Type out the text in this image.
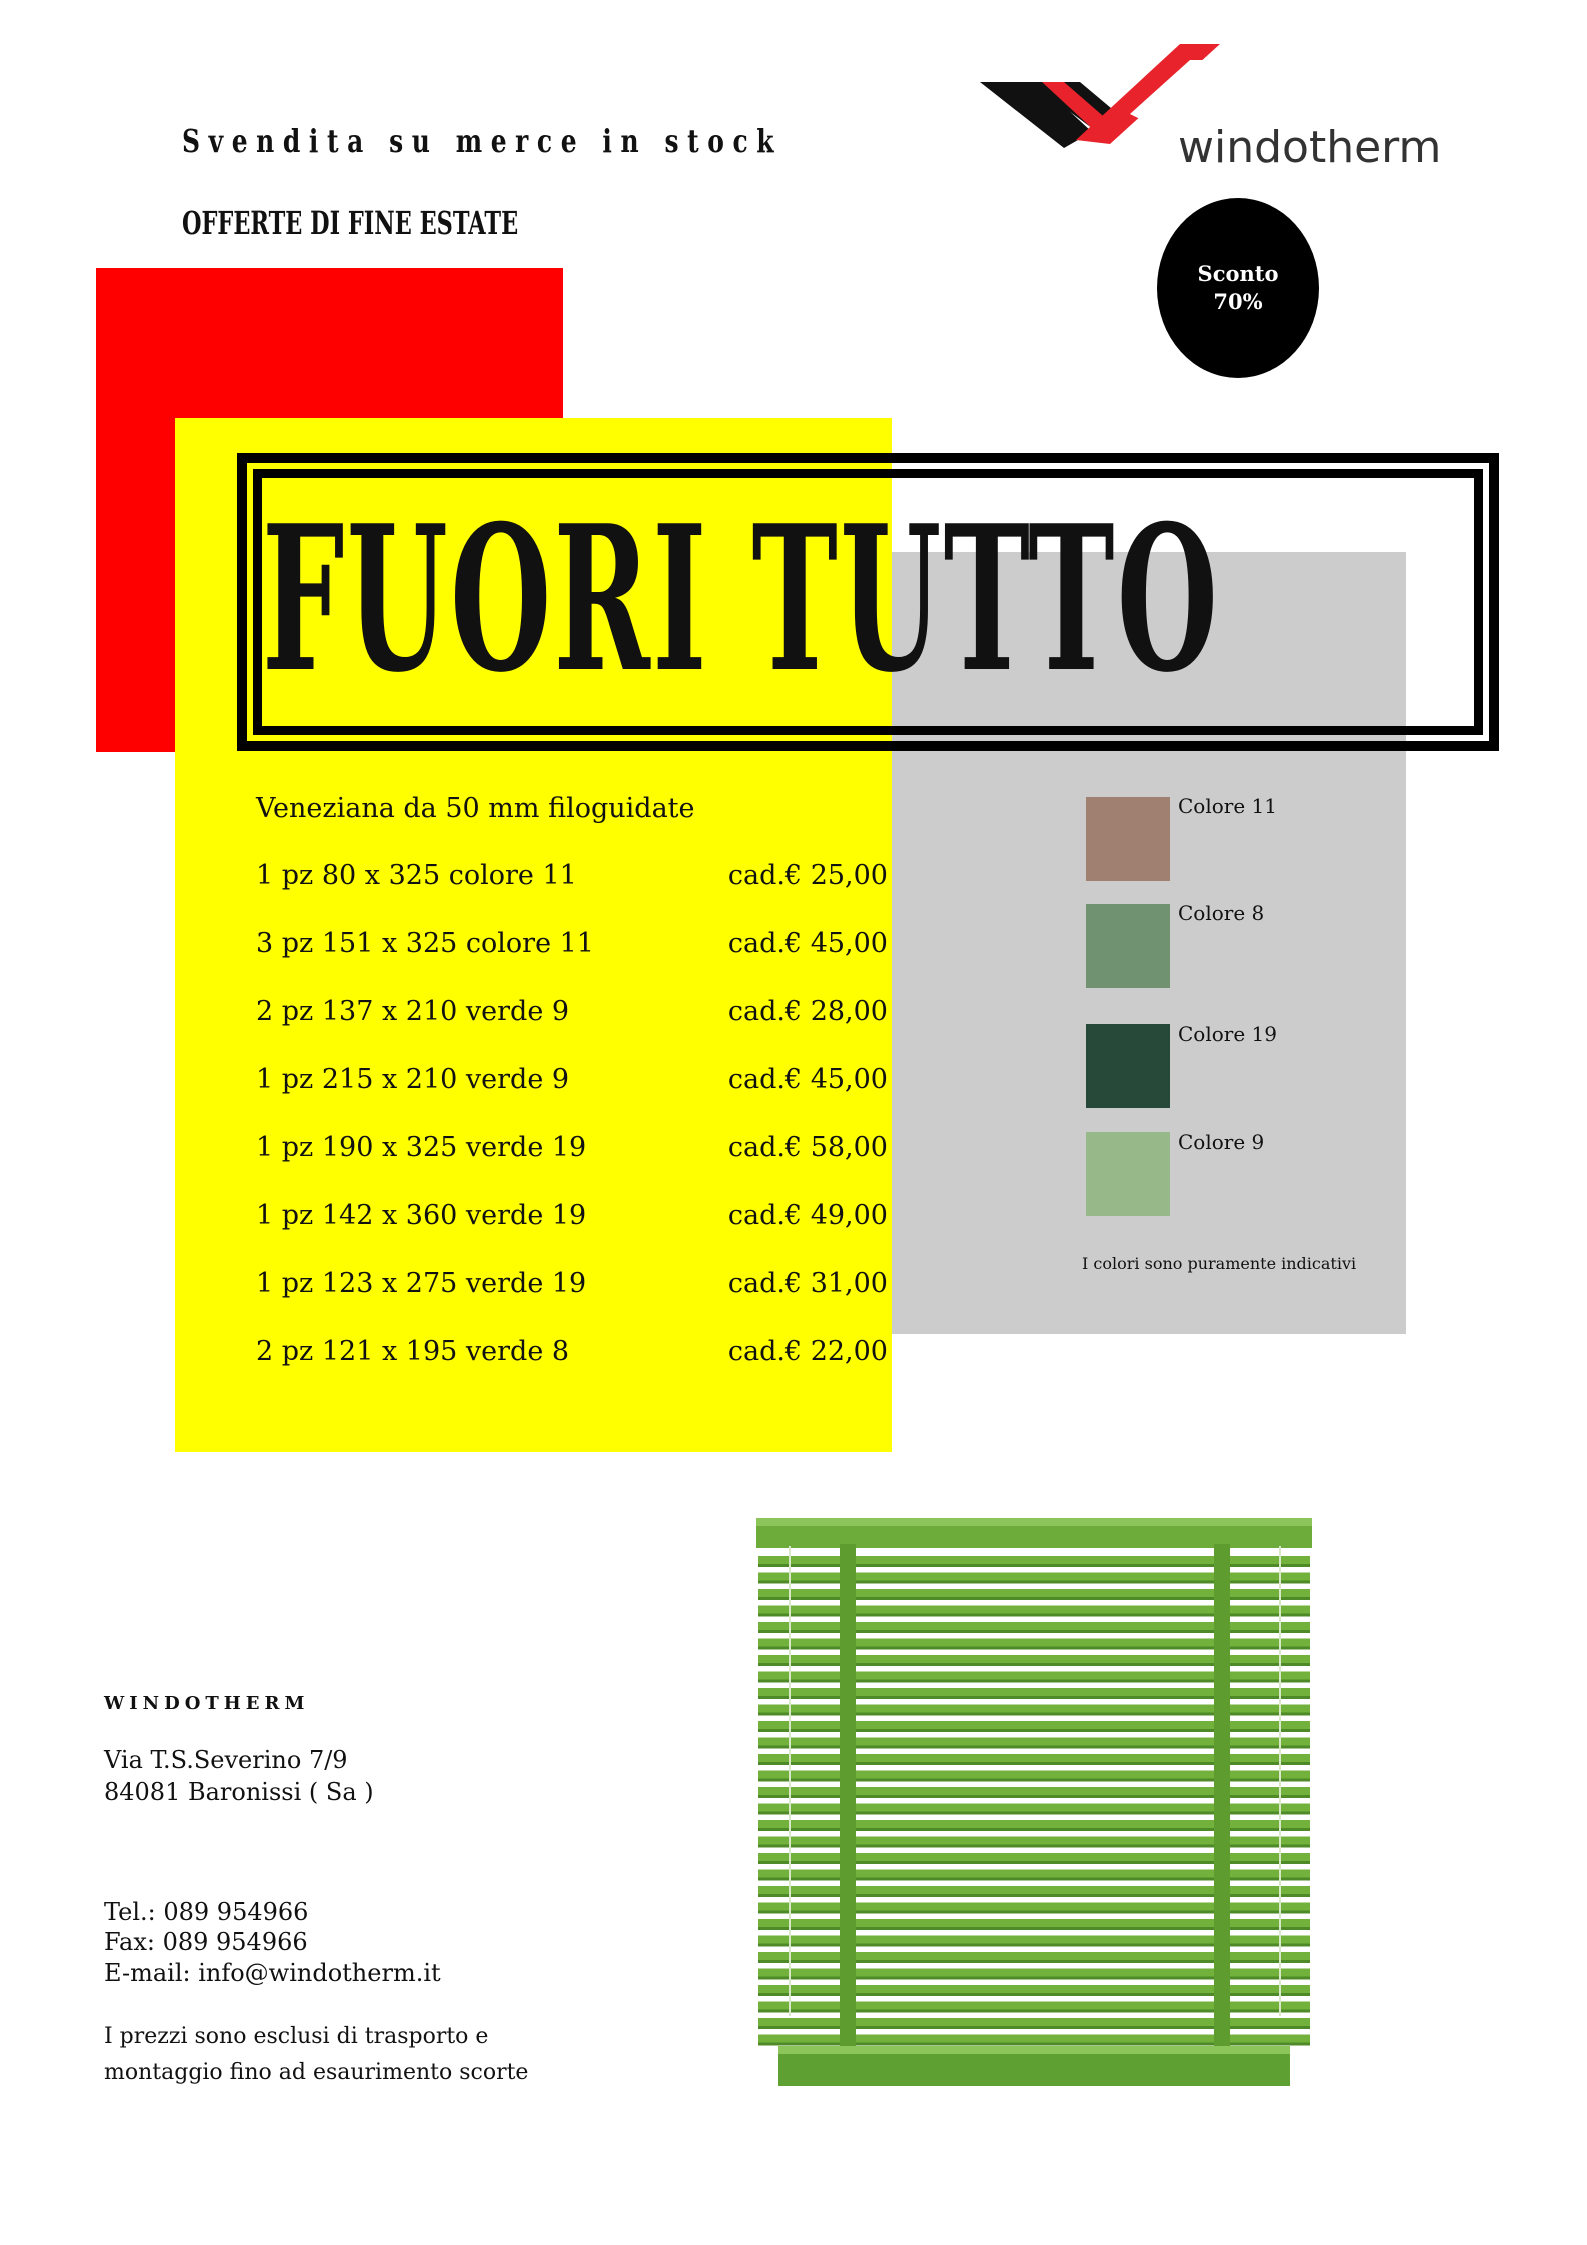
Svendita su merce in stock
OFFERTE DI FINE ESTATE
windotherm
Sconto
70%
FUORI TUTTO
Veneziana da 50 mm filoguidate
1 pz 80 x 325 colore 11	cad.€ 25,00
3 pz 151 x 325 colore 11	cad.€ 45,00
2 pz 137 x 210 verde 9	cad.€ 28,00
1 pz 215 x 210 verde 9	cad.€ 45,00
1 pz 190 x 325 verde 19	cad.€ 58,00
1 pz 142 x 360 verde 19	cad.€ 49,00
1 pz 123 x 275 verde 19	cad.€ 31,00
2 pz 121 x 195 verde 8	cad.€ 22,00
Colore 11
Colore 8
Colore 19
Colore 9
I colori sono puramente indicativi
WINDOTHERM
Via T.S.Severino 7/9
84081 Baronissi ( Sa )
Tel.: 089 954966
Fax: 089 954966
E-mail: info@windotherm.it
I prezzi sono esclusi di trasporto e
montaggio fino ad esaurimento scorte
